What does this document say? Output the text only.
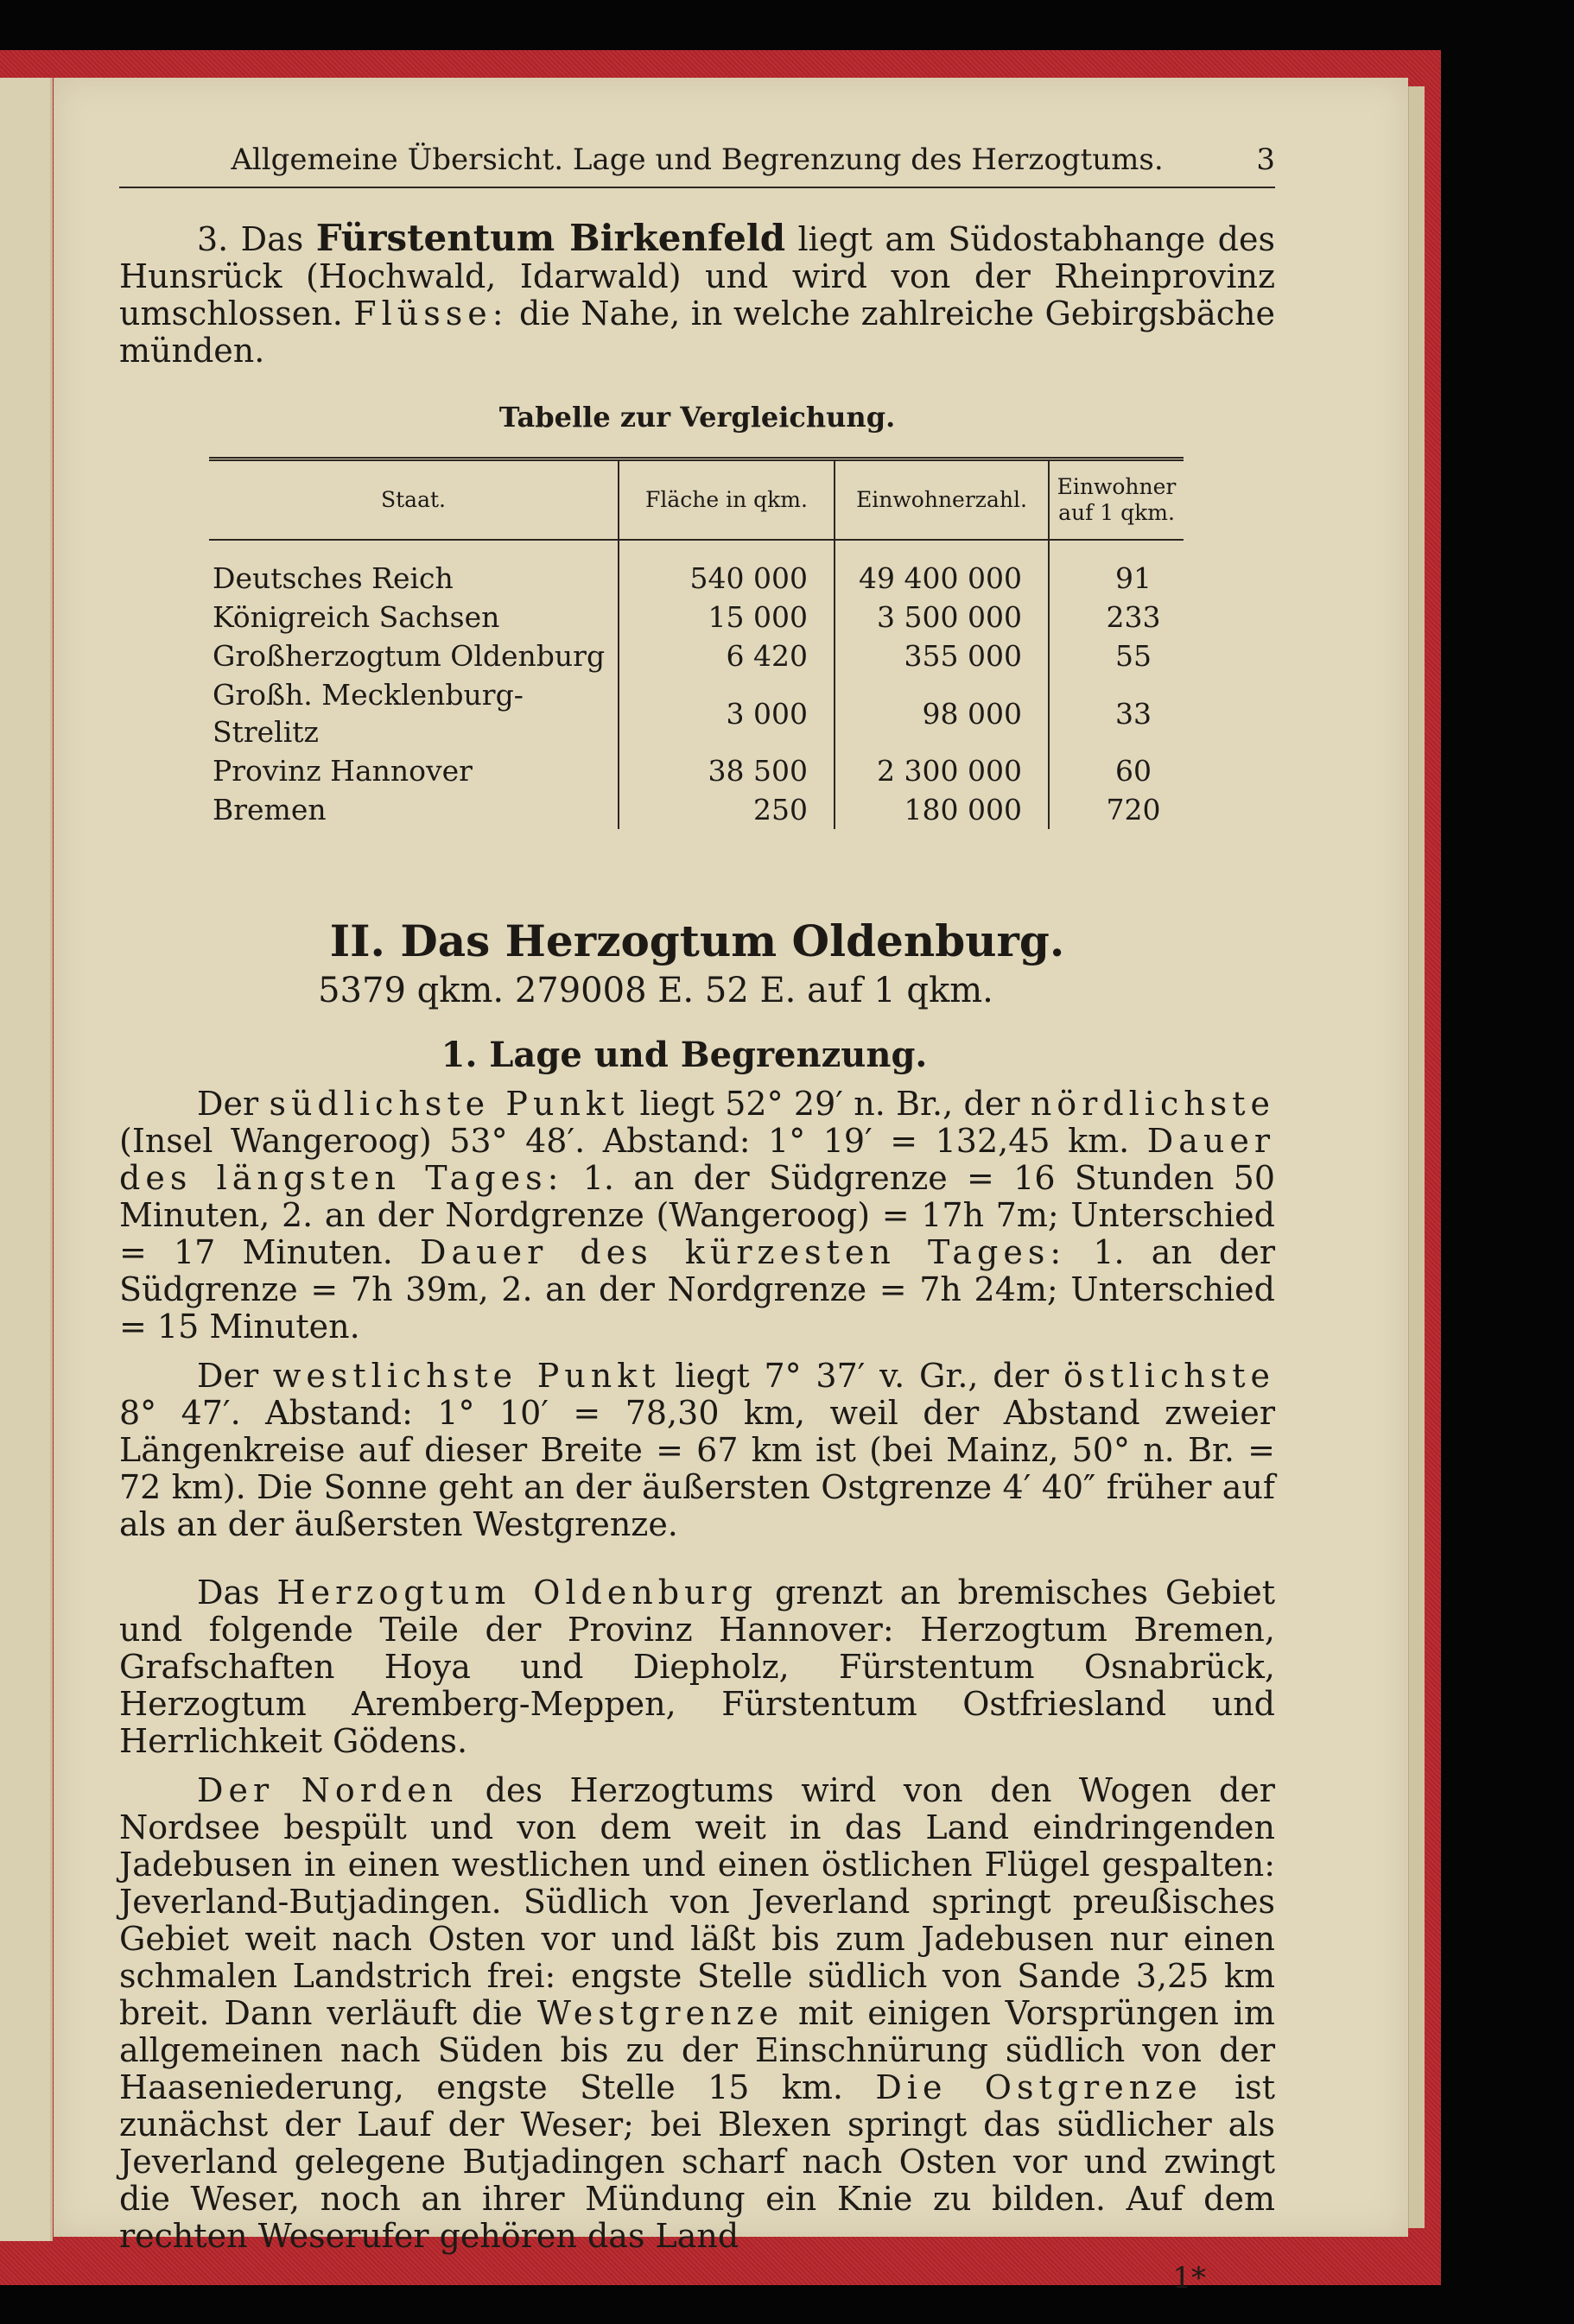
Allgemeine Übersicht. Lage und Begrenzung des Herzogtums.	3

3. Das Fürstentum Birkenfeld liegt am Südostabhange des Hunsrück (Hochwald, Idarwald) und wird von der Rheinprovinz umschlossen. Flüsse: die Nahe, in welche zahlreiche Gebirgsbäche münden.

Tabelle zur Vergleichung.
Staat.	Fläche in qkm.	Einwohnerzahl.	Einwohner auf 1 qkm.
Deutsches Reich	540 000	49 400 000	91
Königreich Sachsen	15 000	3 500 000	233
Großherzogtum Oldenburg	6 420	355 000	55
Großh. Mecklenburg-Strelitz	3 000	98 000	33
Provinz Hannover	38 500	2 300 000	60
Bremen	250	180 000	720
II. Das Herzogtum Oldenburg.
5379 qkm. 279008 E. 52 E. auf 1 qkm.
1. Lage und Begrenzung.

Der südlichste Punkt liegt 52° 29′ n. Br., der nördlichste (Insel Wangeroog) 53° 48′. Abstand: 1° 19′ = 132,45 km. Dauer des längsten Tages: 1. an der Südgrenze = 16 Stunden 50 Minuten, 2. an der Nordgrenze (Wangeroog) = 17h 7m; Unterschied = 17 Minuten. Dauer des kürzesten Tages: 1. an der Südgrenze = 7h 39m, 2. an der Nordgrenze = 7h 24m; Unterschied = 15 Minuten.

Der westlichste Punkt liegt 7° 37′ v. Gr., der östlichste 8° 47′. Abstand: 1° 10′ = 78,30 km, weil der Abstand zweier Längenkreise auf dieser Breite = 67 km ist (bei Mainz, 50° n. Br. = 72 km). Die Sonne geht an der äußersten Ostgrenze 4′ 40″ früher auf als an der äußersten Westgrenze.

Das Herzogtum Oldenburg grenzt an bremisches Gebiet und folgende Teile der Provinz Hannover: Herzogtum Bremen, Grafschaften Hoya und Diepholz, Fürstentum Osnabrück, Herzogtum Aremberg-Meppen, Fürstentum Ostfriesland und Herrlichkeit Gödens.

Der Norden des Herzogtums wird von den Wogen der Nordsee bespült und von dem weit in das Land eindringenden Jadebusen in einen westlichen und einen östlichen Flügel gespalten: Jeverland-Butjadingen. Südlich von Jeverland springt preußisches Gebiet weit nach Osten vor und läßt bis zum Jadebusen nur einen schmalen Landstrich frei: engste Stelle südlich von Sande 3,25 km breit. Dann verläuft die Westgrenze mit einigen Vorsprüngen im allgemeinen nach Süden bis zu der Einschnürung südlich von der Haaseniederung, engste Stelle 15 km. Die Ostgrenze ist zunächst der Lauf der Weser; bei Blexen springt das südlicher als Jeverland gelegene Butjadingen scharf nach Osten vor und zwingt die Weser, noch an ihrer Mündung ein Knie zu bilden. Auf dem rechten Weserufer gehören das Land

1*
